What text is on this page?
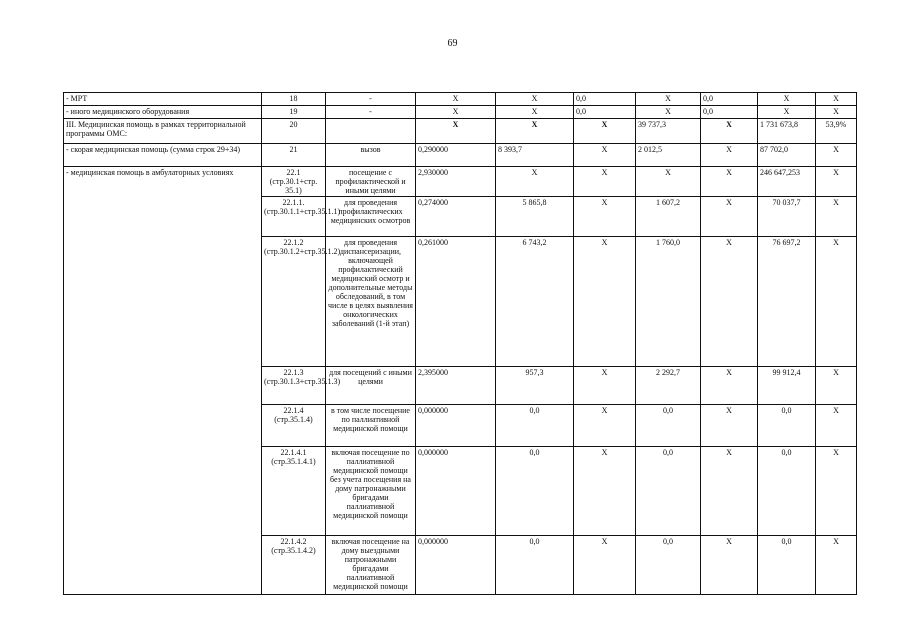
69
- МРТ	18	-	Х	Х	0,0	Х	0,0	Х	Х
- иного медицинского оборудования	19	-	Х	Х	0,0	Х	0,0	Х	Х
III. Медицинская помощь в рамках территориальной программы ОМС:	20		Х	Х	Х	39 737,3	Х	1 731 673,8	53,9%
- скорая медицинская помощь (сумма строк 29+34)	21	вызов	0,290000	8 393,7	Х	2 012,5	Х	87 702,0	Х
- медицинская помощь в амбулаторных условиях	22.1 (стр.30.1+стр. 35.1)	посещение с профилактической и иными целями	2,930000	Х	Х	Х	Х	246 647,253	Х
	22.1.1. (стр.30.1.1+стр.35.1.1)	для проведения профилактических медицинских осмотров	0,274000	5 865,8	Х	1 607,2	Х	70 037,7	Х
	22.1.2 (стр.30.1.2+стр.35.1.2)	для проведения диспансеризации, включающей профилактический медицинский осмотр и дополнительные методы обследований, в том числе в целях выявления онкологических заболеваний (1-й этап)	0,261000	6 743,2	Х	1 760,0	Х	76 697,2	Х
	22.1.3 (стр.30.1.3+стр.35.1.3)	для посещений с иными целями	2,395000	957,3	Х	2 292,7	Х	99 912,4	Х
	22.1.4 (стр.35.1.4)	в том числе посещение по паллиативной медицинской помощи	0,000000	0,0	Х	0,0	Х	0,0	Х
	22.1.4.1 (стр.35.1.4.1)	включая посещение по паллиативной медицинской помощи без учета посещения на дому патронажными бригадами паллиативной медицинской помощи	0,000000	0,0	Х	0,0	Х	0,0	Х
	22.1.4.2 (стр.35.1.4.2)	включая посещение на дому выездными патронажными бригадами паллиативной медицинской помощи	0,000000	0,0	Х	0,0	Х	0,0	Х
